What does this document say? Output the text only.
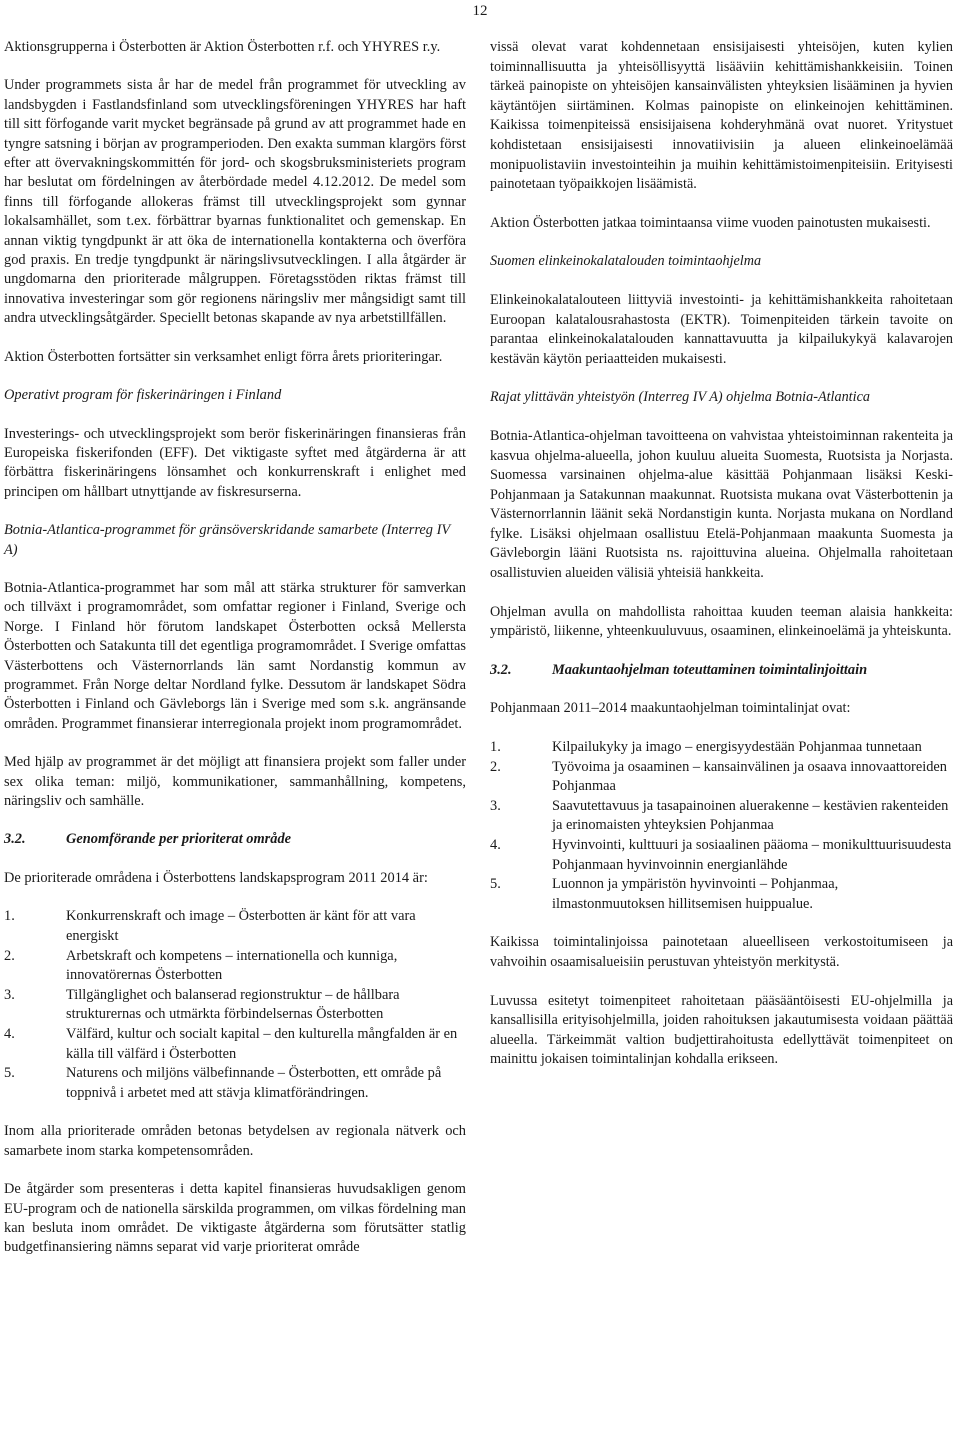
12

Aktionsgrupperna i Österbotten är Aktion Österbotten r.f. och YHYRES r.y.

Under programmets sista år har de medel från programmet för utveckling av landsbygden i Fastlandsfinland som utvecklingsföreningen YHYRES har haft till sitt förfogande varit mycket begränsade på grund av att programmet hade en tyngre satsning i början av programperioden. Den exakta summan klargörs först efter att övervakningskommittén för jord- och skogsbruksministeriets program har beslutat om fördelningen av återbördade medel 4.12.2012. De medel som finns till förfogande allokeras främst till utvecklingsprojekt som gynnar lokalsamhället, som t.ex. förbättrar byarnas funktionalitet och gemenskap. En annan viktig tyngdpunkt är att öka de internationella kontakterna och överföra god praxis. En tredje tyngdpunkt är näringslivsutvecklingen. I alla åtgärder är ungdomarna den prioriterade målgruppen. Företagsstöden riktas främst till innovativa investeringar som gör regionens näringsliv mer mångsidigt samt till andra utvecklingsåtgärder. Speciellt betonas skapande av nya arbetstillfällen.

Aktion Österbotten fortsätter sin verksamhet enligt förra årets prioriteringar.

Operativt program för fiskerinäringen i Finland

Investerings- och utvecklingsprojekt som berör fiskerinäringen finansieras från Europeiska fiskerifonden (EFF). Det viktigaste syftet med åtgärderna är att förbättra fiskerinäringens lönsamhet och konkurrenskraft i enlighet med principen om hållbart utnyttjande av fiskresurserna.

Botnia-Atlantica-programmet för gränsöverskridande samarbete (Interreg IV A)

Botnia-Atlantica-programmet har som mål att stärka strukturer för samverkan och tillväxt i programområdet, som omfattar regioner i Finland, Sverige och Norge. I Finland hör förutom landskapet Österbotten också Mellersta Österbotten och Satakunta till det egentliga programområdet. I Sverige omfattas Västerbottens och Västernorrlands län samt Nordanstig kommun av programmet. Från Norge deltar Nordland fylke. Dessutom är landskapet Södra Österbotten i Finland och Gävleborgs län i Sverige med som s.k. angränsande områden. Programmet finansierar interregionala projekt inom programområdet.

Med hjälp av programmet är det möjligt att finansiera projekt som faller under sex olika teman: miljö, kommunikationer, sammanhållning, kompetens, näringsliv och samhälle.

3.2.	Genomförande per prioriterat område

De prioriterade områdena i Österbottens landskapsprogram 2011 2014 är:

1.	Konkurrenskraft och image – Österbotten är känt för att vara energiskt
2.	Arbetskraft och kompetens – internationella och kunniga, innovatörernas Österbotten
3.	Tillgänglighet och balanserad regionstruktur – de hållbara strukturernas och utmärkta förbindelsernas Österbotten
4.	Välfärd, kultur och socialt kapital – den kulturella mångfalden är en källa till välfärd i Österbotten
5.	Naturens och miljöns välbefinnande – Österbotten, ett område på toppnivå i arbetet med att stävja klimatförändringen.

Inom alla prioriterade områden betonas betydelsen av regionala nätverk och samarbete inom starka kompetensområden.

De åtgärder som presenteras i detta kapitel finansieras huvudsakligen genom EU-program och de nationella särskilda programmen, om vilkas fördelning man kan besluta inom området. De viktigaste åtgärderna som förutsätter statlig budgetfinansiering nämns separat vid varje prioriterat område

vissä olevat varat kohdennetaan ensisijaisesti yhteisöjen, kuten kylien toiminnallisuutta ja yhteisöllisyyttä lisääviin kehittämishankkeisiin. Toinen tärkeä painopiste on yhteisöjen kansainvälisten yhteyksien lisääminen ja hyvien käytäntöjen siirtäminen. Kolmas painopiste on elinkeinojen kehittäminen. Kaikissa toimenpiteissä ensisijaisena kohderyhmänä ovat nuoret. Yritystuet kohdistetaan ensisijaisesti innovatiivisiin ja alueen elinkeinoelämää monipuolistaviin investointeihin ja muihin kehittämistoimenpiteisiin. Erityisesti painotetaan työpaikkojen lisäämistä.

Aktion Österbotten jatkaa toimintaansa viime vuoden painotusten mukaisesti.

Suomen elinkeinokalatalouden toimintaohjelma

Elinkeinokalatalouteen liittyviä investointi- ja kehittämishankkeita rahoitetaan Euroopan kalatalousrahastosta (EKTR). Toimenpiteiden tärkein tavoite on parantaa elinkeinokalatalouden kannattavuutta ja kilpailukykyä kalavarojen kestävän käytön periaatteiden mukaisesti.

Rajat ylittävän yhteistyön (Interreg IV A) ohjelma Botnia-Atlantica

Botnia-Atlantica-ohjelman tavoitteena on vahvistaa yhteistoiminnan rakenteita ja kasvua ohjelma-alueella, johon kuuluu alueita Suomesta, Ruotsista ja Norjasta. Suomessa varsinainen ohjelma-alue käsittää Pohjanmaan lisäksi Keski-Pohjanmaan ja Satakunnan maakunnat. Ruotsista mukana ovat Västerbottenin ja Västernorrlannin läänit sekä Nordanstigin kunta. Norjasta mukana on Nordland fylke. Lisäksi ohjelmaan osallistuu Etelä-Pohjanmaan maakunta Suomesta ja Gävleborgin lääni Ruotsista ns. rajoittuvina alueina. Ohjelmalla rahoitetaan osallistuvien alueiden välisiä yhteisiä hankkeita.

Ohjelman avulla on mahdollista rahoittaa kuuden teeman alaisia hankkeita: ympäristö, liikenne, yhteenkuuluvuus, osaaminen, elinkeinoelämä ja yhteiskunta.

3.2.	Maakuntaohjelman toteuttaminen toimintalinjoittain

Pohjanmaan 2011–2014 maakuntaohjelman toimintalinjat ovat:

1.	Kilpailukyky ja imago – energisyydestään Pohjanmaa tunnetaan
2.	Työvoima ja osaaminen – kansainvälinen ja osaava innovaattoreiden Pohjanmaa
3.	Saavutettavuus ja tasapainoinen aluerakenne – kestävien rakenteiden ja erinomaisten yhteyksien Pohjanmaa
4.	Hyvinvointi, kulttuuri ja sosiaalinen pääoma – monikulttuurisuudesta Pohjanmaan hyvinvoinnin energianlähde
5.	Luonnon ja ympäristön hyvinvointi – Pohjanmaa, ilmastonmuutoksen hillitsemisen huippualue.

Kaikissa toimintalinjoissa painotetaan alueelliseen verkostoitumiseen ja vahvoihin osaamisalueisiin perustuvan yhteistyön merkitystä.

Luvussa esitetyt toimenpiteet rahoitetaan pääsääntöisesti EU-ohjelmilla ja kansallisilla erityisohjelmilla, joiden rahoituksen jakautumisesta voidaan päättää alueella. Tärkeimmät valtion budjettirahoitusta edellyttävät toimenpiteet on mainittu jokaisen toimintalinjan kohdalla erikseen.
